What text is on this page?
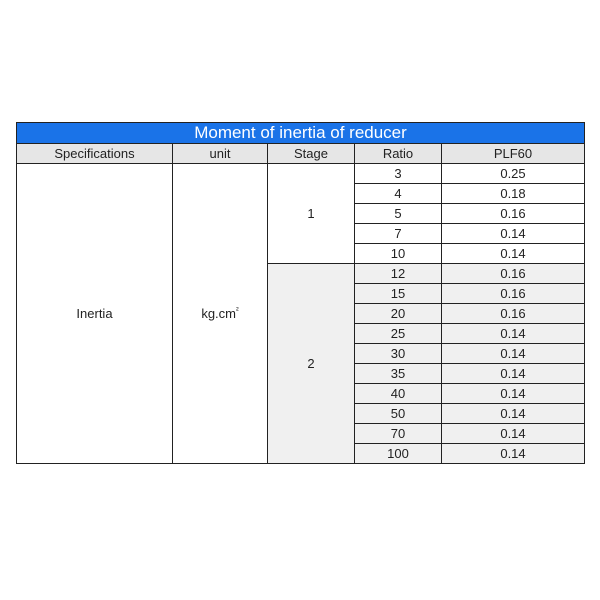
Moment of inertia of reducer				
Specifications	unit	Stage	Ratio	PLF60
Inertia	$kg.cm^{^2}$	1	3	0.25
			4	0.18
			5	0.16
			7	0.14
			10	0.14
		2	12	0.16
			15	0.16
			20	0.16
			25	0.14
			30	0.14
			35	0.14
			40	0.14
			50	0.14
			70	0.14
			100	0.14
